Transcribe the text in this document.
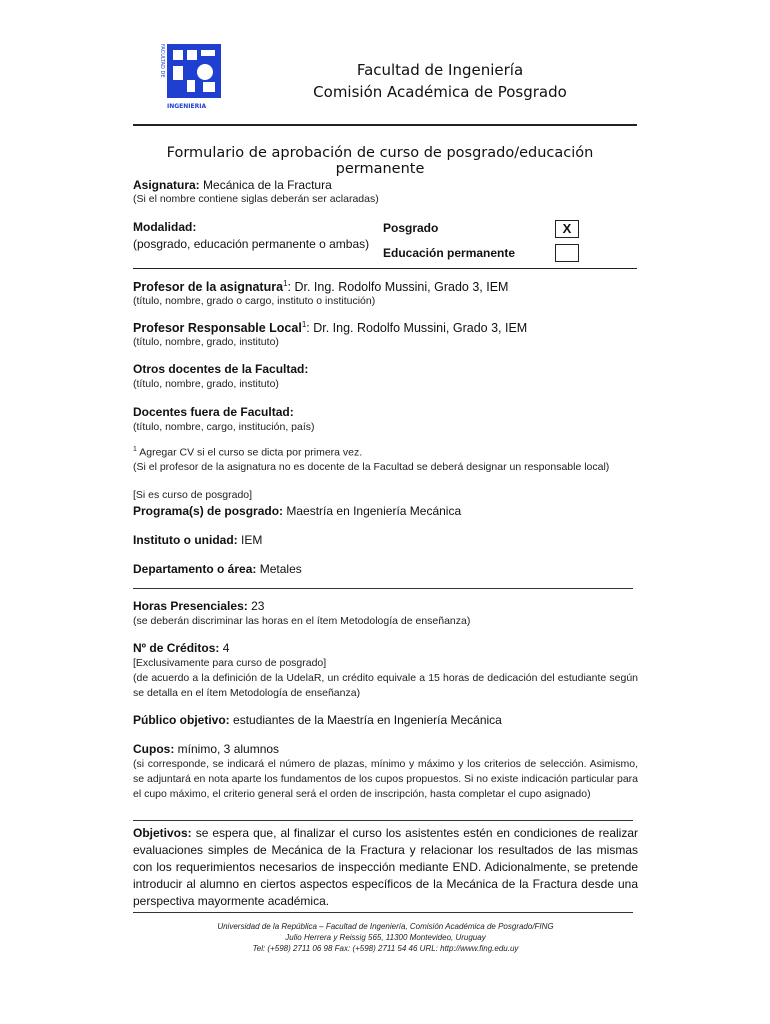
FACULTAD DE
INGENIERIA
Facultad de Ingeniería
Comisión Académica de Posgrado
Formulario de aprobación de curso de posgrado/educación permanente
Asignatura: Mecánica de la Fractura
(Si el nombre contiene siglas deberán ser aclaradas)
Modalidad:
(posgrado, educación permanente o ambas)
Posgrado	X
Educación permanente
Profesor de la asignatura$^1$: Dr. Ing. Rodolfo Mussini, Grado 3, IEM
(título, nombre, grado o cargo, instituto o institución)
Profesor Responsable Local$^1$: Dr. Ing. Rodolfo Mussini, Grado 3, IEM
(título, nombre, grado, instituto)
Otros docentes de la Facultad:
(título, nombre, grado, instituto)
Docentes fuera de Facultad:
(título, nombre, cargo, institución, país)
$^1$ Agregar CV si el curso se dicta por primera vez.
(Si el profesor de la asignatura no es docente de la Facultad se deberá designar un responsable local)
[Si es curso de posgrado]
Programa(s) de posgrado: Maestría en Ingeniería Mecánica
Instituto o unidad: IEM
Departamento o área: Metales
Horas Presenciales: 23
(se deberán discriminar las horas en el ítem Metodología de enseñanza)
Nº de Créditos: 4
[Exclusivamente para curso de posgrado]
(de acuerdo a la definición de la UdelaR, un crédito equivale a 15 horas de dedicación del estudiante según se detalla en el ítem Metodología de enseñanza)
Público objetivo: estudiantes de la Maestría en Ingeniería Mecánica
Cupos: mínimo, 3 alumnos
(si corresponde, se indicará el número de plazas, mínimo y máximo y los criterios de selección. Asimismo, se adjuntará en nota aparte los fundamentos de los cupos propuestos. Si no existe indicación particular para el cupo máximo, el criterio general será el orden de inscripción, hasta completar el cupo asignado)
Objetivos: se espera que, al finalizar el curso los asistentes estén en condiciones de realizar evaluaciones simples de Mecánica de la Fractura y relacionar los resultados de las mismas con los requerimientos necesarios de inspección mediante END. Adicionalmente, se pretende introducir al alumno en ciertos aspectos específicos de la Mecánica de la Fractura desde una perspectiva mayormente académica.
Universidad de la República – Facultad de Ingeniería, Comisión Académica de Posgrado/FING
Julio Herrera y Reissig 565, 11300 Montevideo, Uruguay
Tel: (+598) 2711 06 98 Fax: (+598) 2711 54 46 URL: http://www.fing.edu.uy
